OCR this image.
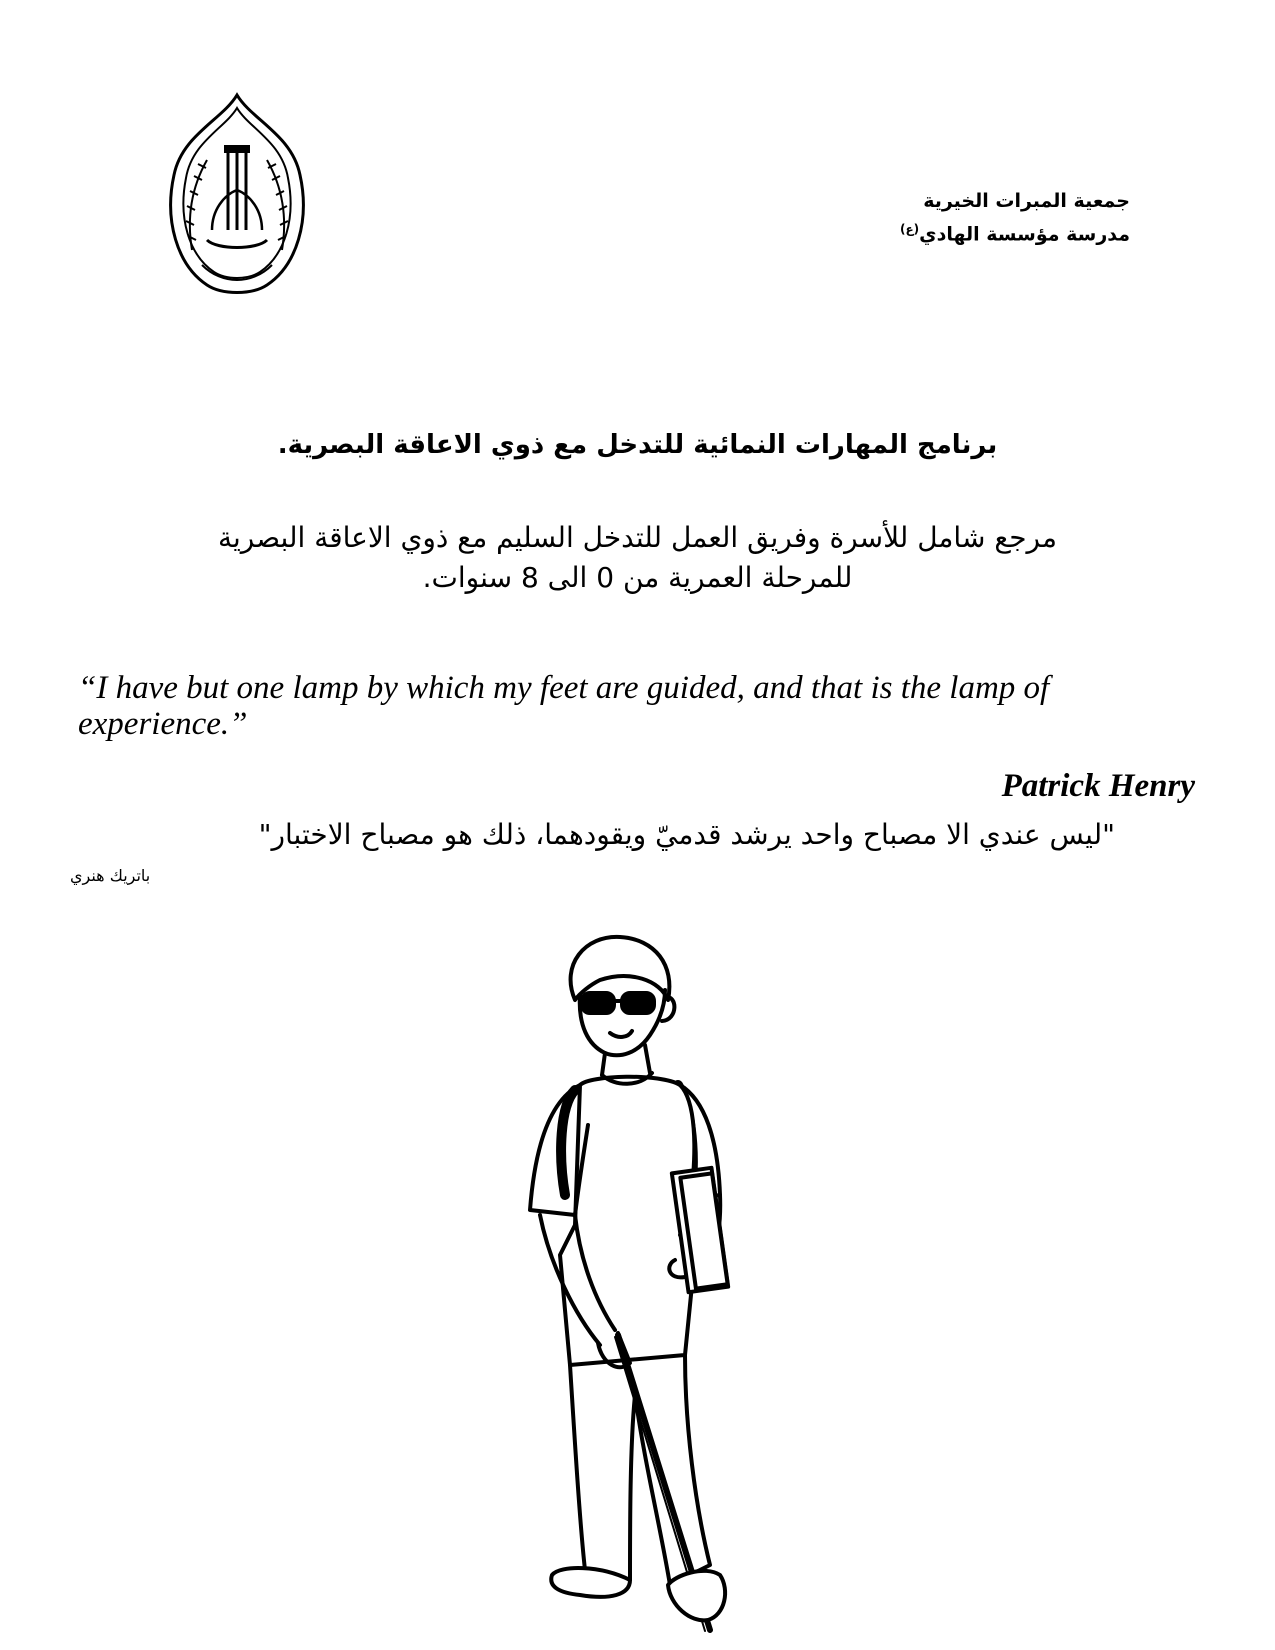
جمعية المبرات الخيرية
مدرسة مؤسسة الهادي$^{(ع)}$
برنامج المهارات النمائية للتدخل مع ذوي الاعاقة البصرية.
مرجع شامل للأسرة وفريق العمل للتدخل السليم مع ذوي الاعاقة البصرية
للمرحلة العمرية من 0 الى 8 سنوات.
“I have but one lamp by which my feet are guided, and that is the lamp of experience.”
Patrick Henry
"ليس عندي الا مصباح واحد يرشد قدميّ ويقودهما، ذلك هو مصباح الاختبار"
باتريك هنري
